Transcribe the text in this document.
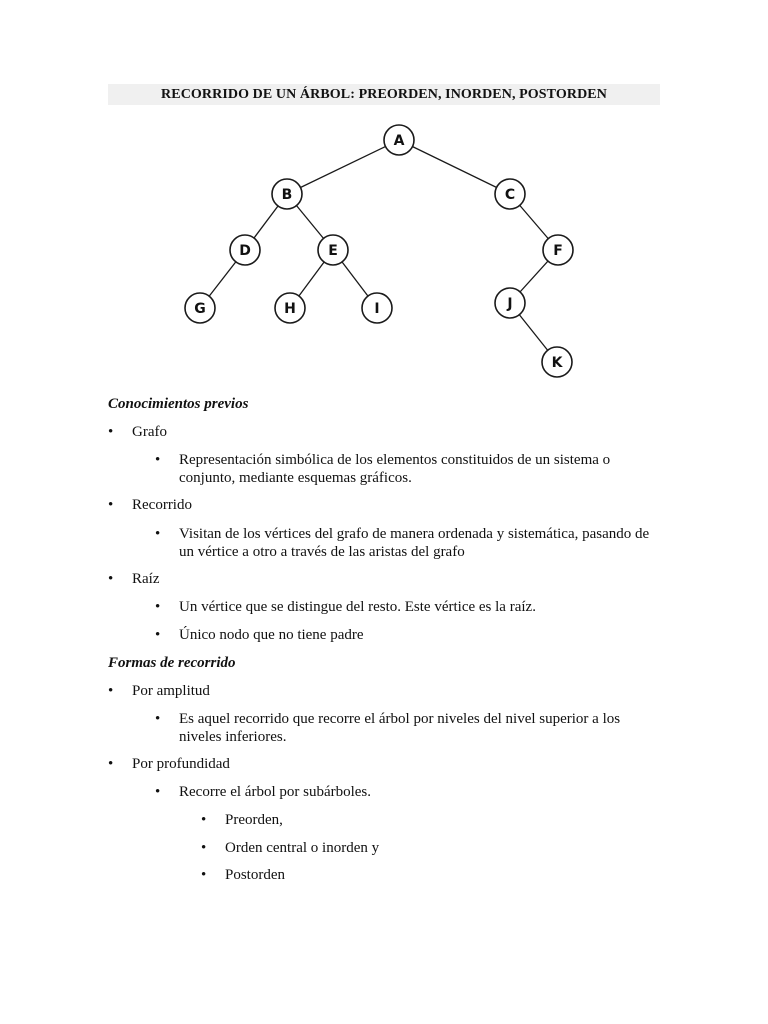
RECORRIDO DE UN ÁRBOL: PREORDEN, INORDEN, POSTORDEN
A
B	C
D	E	F
G	H	I	J
K
Conocimientos previos
• Grafo
• Representación simbólica de los elementos constituidos de un sistema o conjunto, mediante esquemas gráficos.
• Recorrido
• Visitan de los vértices del grafo de manera ordenada y sistemática, pasando de un vértice a otro a través de las aristas del grafo
• Raíz
• Un vértice que se distingue del resto. Este vértice es la raíz.
• Único nodo que no tiene padre
Formas de recorrido
• Por amplitud
• Es aquel recorrido que recorre el árbol por niveles del nivel superior a los niveles inferiores.
• Por profundidad
• Recorre el árbol por subárboles.
• Preorden,
• Orden central o inorden y
• Postorden
